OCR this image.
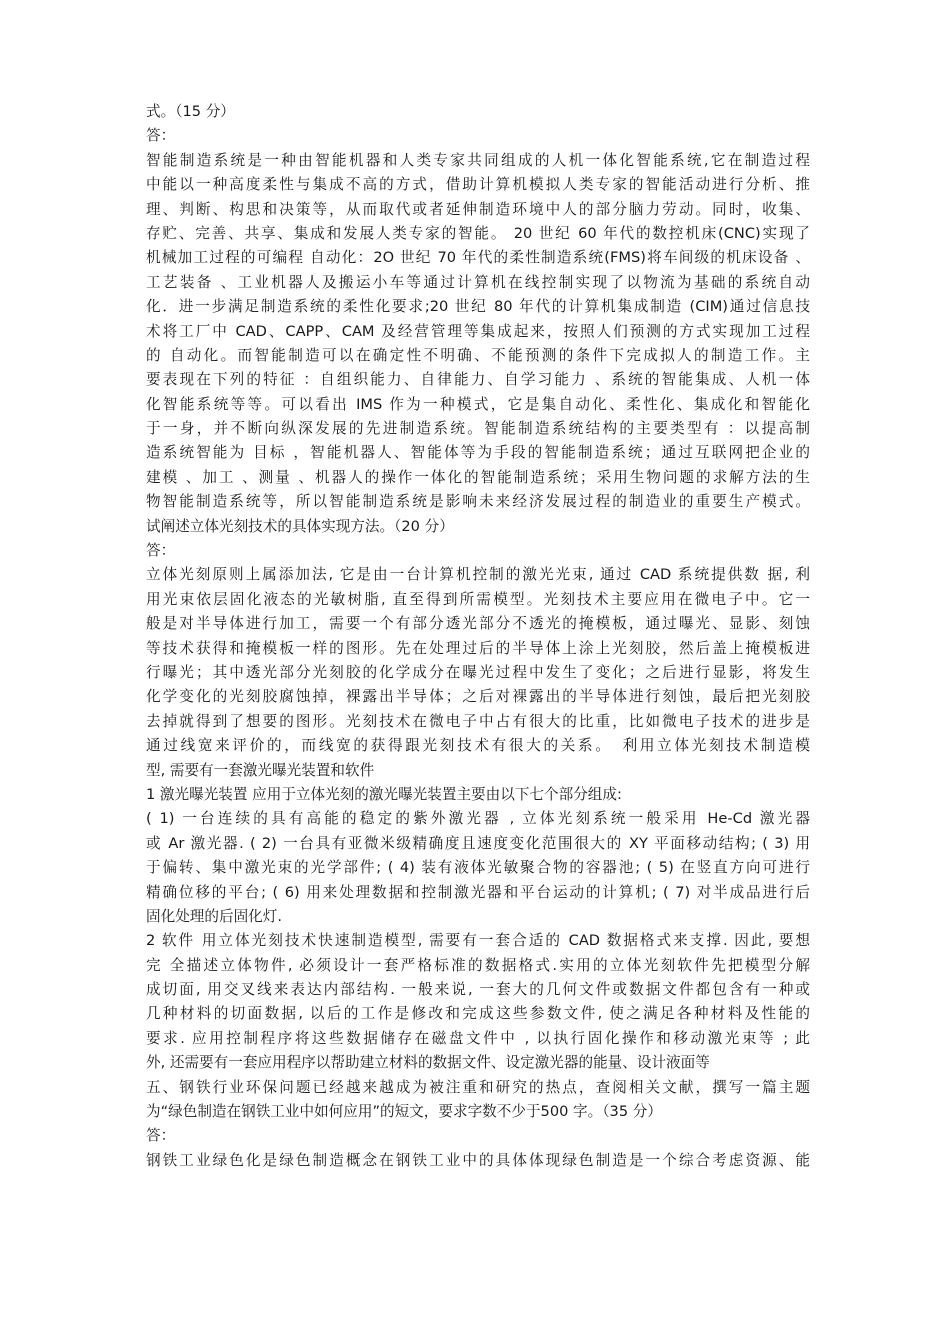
式。（15 分）
答：
智能制造系统是一种由智能机器和人类专家共同组成的人机一体化智能系统,它在制造过程
中能以一种高度柔性与集成不高的方式，借助计算机模拟人类专家的智能活动进行分析、推
理、判断、构思和决策等，从而取代或者延伸制造环境中人的部分脑力劳动。同时，收集、
存贮、完善、共享、集成和发展人类专家的智能。 20 世纪 60 年代的数控机床(CNC)实现了
机械加工过程的可编程 自动化：2O 世纪 70 年代的柔性制造系统(FMS)将车间级的机床设备 、
工艺装备 、工业机器人及搬运小车等通过计算机在线控制实现了以物流为基础的系统自动
化．进一步满足制造系统的柔性化要求;20 世纪 80 年代的计算机集成制造 (CIM)通过信息技
术将工厂中 CAD、CAPP、CAM 及经营管理等集成起来，按照人们预测的方式实现加工过程
的 自动化。而智能制造可以在确定性不明确、不能预测的条件下完成拟人的制造工作。主
要表现在下列的特征 ：自组织能力、自律能力、自学习能力 、系统的智能集成、人机一体
化智能系统等等。可以看出 IMS 作为一种模式，它是集自动化、柔性化、集成化和智能化
于一身，并不断向纵深发展的先进制造系统。智能制造系统结构的主要类型有 ：以提高制
造系统智能为 目标 ，智能机器人、智能体等为手段的智能制造系统；通过互联网把企业的
建模 、加工 、测量 、机器人的操作一体化的智能制造系统；采用生物问题的求解方法的生
物智能制造系统等，所以智能制造系统是影响未来经济发展过程的制造业的重要生产模式。
试阐述立体光刻技术的具体实现方法。（20 分）
答：
立体光刻原则上属添加法, 它是由一台计算机控制的激光光束, 通过 CAD 系统提供数 据, 利
用光束依层固化液态的光敏树脂, 直至得到所需模型。光刻技术主要应用在微电子中。它一
般是对半导体进行加工，需要一个有部分透光部分不透光的掩模板，通过曝光、显影、刻蚀
等技术获得和掩模板一样的图形。先在处理过后的半导体上涂上光刻胶，然后盖上掩模板进
行曝光；其中透光部分光刻胶的化学成分在曝光过程中发生了变化；之后进行显影，将发生
化学变化的光刻胶腐蚀掉，裸露出半导体；之后对裸露出的半导体进行刻蚀，最后把光刻胶
去掉就得到了想要的图形。光刻技术在微电子中占有很大的比重，比如微电子技术的进步是
通过线宽来评价的，而线宽的获得跟光刻技术有很大的关系。　利用立体光刻技术制造模
型, 需要有一套激光曝光装置和软件
1 激光曝光装置 应用于立体光刻的激光曝光装置主要由以下七个部分组成:
( 1) 一台连续的具有高能的稳定的紫外激光器 , 立体光刻系统一般采用 He-Cd 激光器
或 Ar 激光器. ( 2) 一台具有亚微米级精确度且速度变化范围很大的 XY 平面移动结构; ( 3) 用
于偏转、集中激光束的光学部件; ( 4) 装有液体光敏聚合物的容器池; ( 5) 在竖直方向可进行
精确位移的平台; ( 6) 用来处理数据和控制激光器和平台运动的计算机; ( 7) 对半成品进行后
固化处理的后固化灯.
2 软件 用立体光刻技术快速制造模型, 需要有一套合适的 CAD 数据格式来支撑. 因此, 要想
完 全描述立体物件, 必须设计一套严格标准的数据格式.实用的立体光刻软件先把模型分解
成切面, 用交叉线来表达内部结构. 一般来说, 一套大的几何文件或数据文件都包含有一种或
几种材料的切面数据, 以后的工作是修改和完成这些参数文件, 使之满足各种材料及性能的
要求. 应用控制程序将这些数据储存在磁盘文件中 , 以执行固化操作和移动激光束等 ; 此
外, 还需要有一套应用程序以帮助建立材料的数据文件、设定激光器的能量、设计液面等
五、钢铁行业环保问题已经越来越成为被注重和研究的热点，查阅相关文献，撰写一篇主题
为“绿色制造在钢铁工业中如何应用”的短文，要求字数不少于500 字。（35 分）
答：
钢铁工业绿色化是绿色制造概念在钢铁工业中的具体体现绿色制造是一个综合考虑资源、能
